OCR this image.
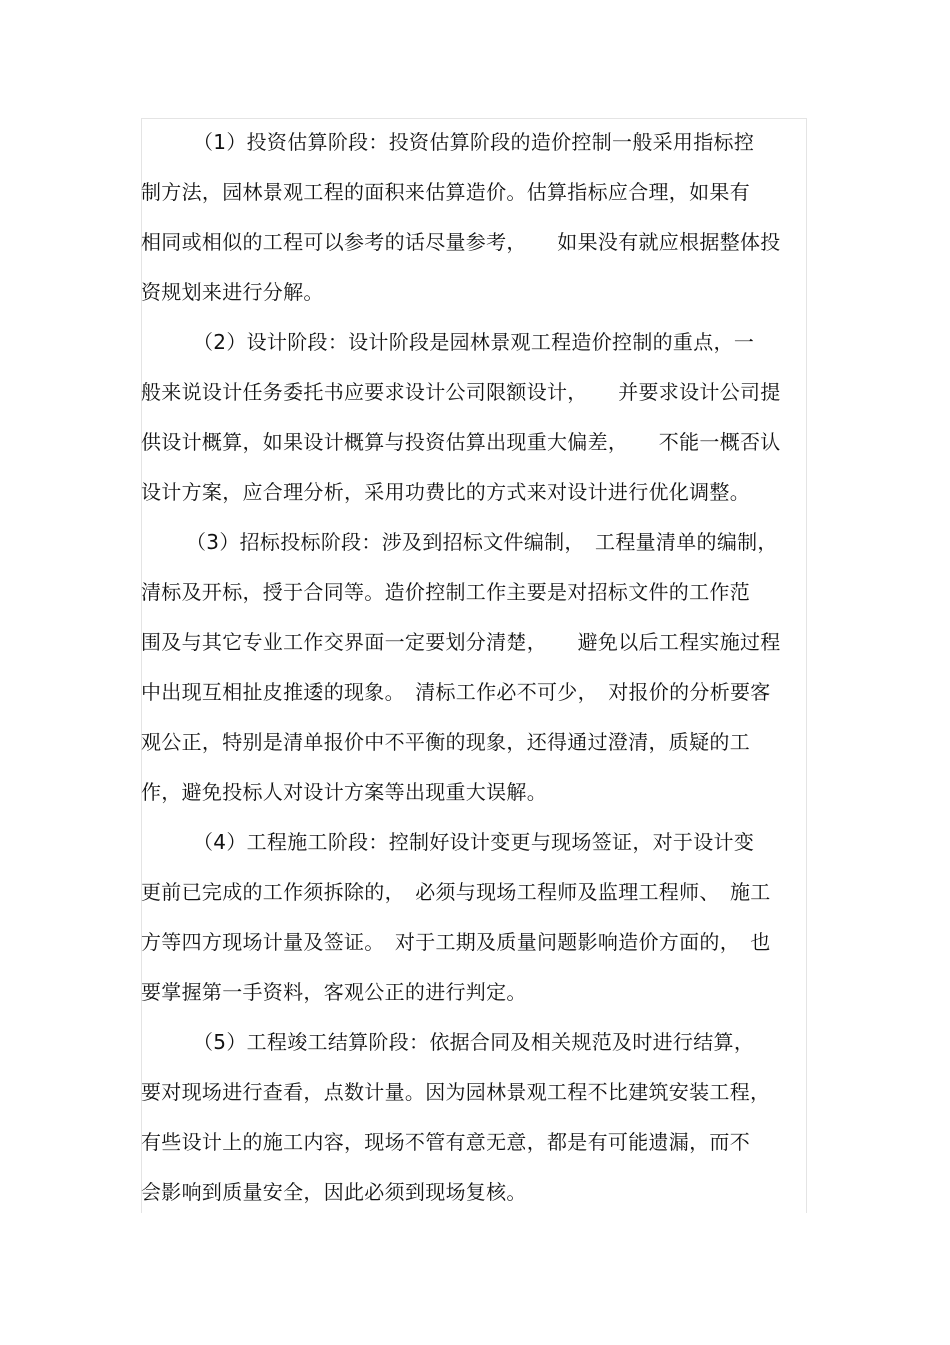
（1）投资估算阶段：投资估算阶段的造价控制一般采用指标控
制方法，园林景观工程的面积来估算造价。估算指标应合理，如果有
相同或相似的工程可以参考的话尽量参考，　　如果没有就应根据整体投
资规划来进行分解。
（2）设计阶段：设计阶段是园林景观工程造价控制的重点，一
般来说设计任务委托书应要求设计公司限额设计，　　并要求设计公司提
供设计概算，如果设计概算与投资估算出现重大偏差，　　不能一概否认
设计方案，应合理分析，采用功费比的方式来对设计进行优化调整。
（3）招标投标阶段：涉及到招标文件编制，　工程量清单的编制，
清标及开标，授于合同等。造价控制工作主要是对招标文件的工作范
围及与其它专业工作交界面一定要划分清楚，　　避免以后工程实施过程
中出现互相扯皮推逶的现象。　清标工作必不可少，　对报价的分析要客
观公正，特别是清单报价中不平衡的现象，还得通过澄清，质疑的工
作，避免投标人对设计方案等出现重大误解。
（4）工程施工阶段：控制好设计变更与现场签证，对于设计变
更前已完成的工作须拆除的，　必须与现场工程师及监理工程师、　施工
方等四方现场计量及签证。　对于工期及质量问题影响造价方面的，　也
要掌握第一手资料，客观公正的进行判定。
（5）工程竣工结算阶段：依据合同及相关规范及时进行结算，
要对现场进行查看，点数计量。因为园林景观工程不比建筑安装工程，
有些设计上的施工内容，现场不管有意无意，都是有可能遗漏，而不
会影响到质量安全，因此必须到现场复核。
